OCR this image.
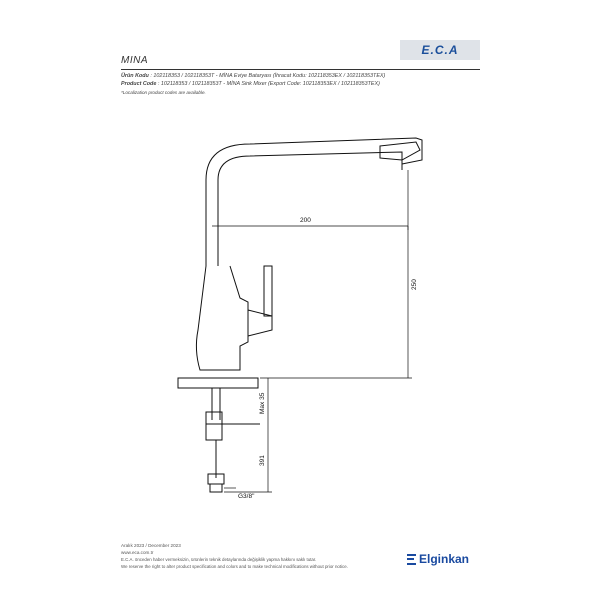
E.C.A
MINA
Ürün Kodu : 102118353 / 102118353T - MİNA Eviye Bataryası (İhracat Kodu: 102118353EX / 102118353TEX)
Product Code : 102118353 / 102118353T - MİNA Sink Mixer (Export Code: 102118353EX / 102118353TEX)
*Localization product codes are available.
200
250
Max 35
391
G3/8"
Aralık 2023 / December 2023
www.eca.com.tr
E.C.A. önceden haber vermeksizin, ürünlerin teknik detaylarında değişiklik yapma hakkını saklı tutar.
We reserve the right to alter product specification and colors and to make technical modifications without prior notice.
Elginkan
